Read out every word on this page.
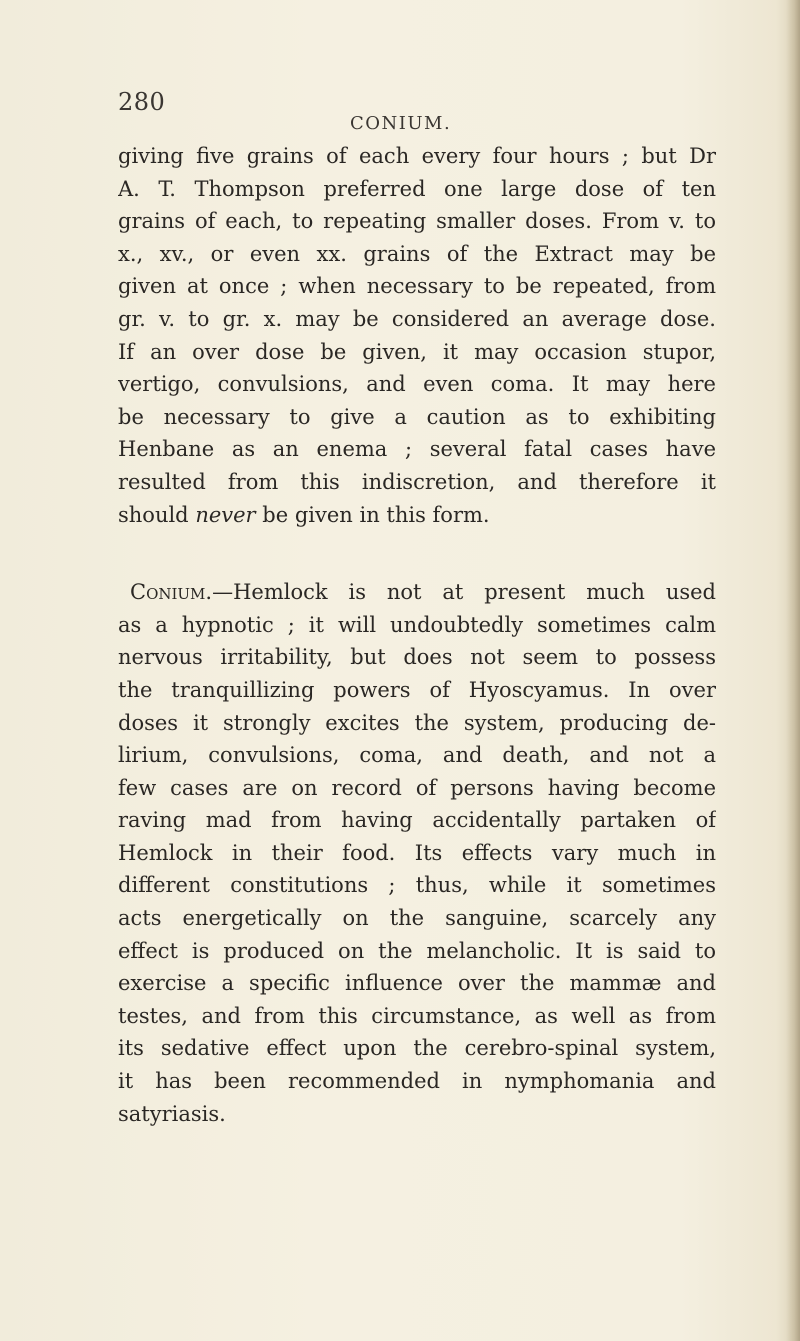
280
CONIUM.
giving five grains of each every four hours ; but Dr
A. T. Thompson preferred one large dose of ten
grains of each, to repeating smaller doses. From v. to
x., xv., or even xx. grains of the Extract may be
given at once ; when necessary to be repeated, from
gr. v. to gr. x. may be considered an average dose.
If an over dose be given, it may occasion stupor,
vertigo, convulsions, and even coma. It may here
be necessary to give a caution as to exhibiting
Henbane as an enema ; several fatal cases have
resulted from this indiscretion, and therefore it
should never be given in this form.
Conium.—Hemlock is not at present much used
as a hypnotic ; it will undoubtedly sometimes calm
nervous irritability, but does not seem to possess
the tranquillizing powers of Hyoscyamus. In over
doses it strongly excites the system, producing de-
lirium, convulsions, coma, and death, and not a
few cases are on record of persons having become
raving mad from having accidentally partaken of
Hemlock in their food. Its effects vary much in
different constitutions ; thus, while it sometimes
acts energetically on the sanguine, scarcely any
effect is produced on the melancholic. It is said to
exercise a specific influence over the mammæ and
testes, and from this circumstance, as well as from
its sedative effect upon the cerebro-spinal system,
it has been recommended in nymphomania and
satyriasis.
